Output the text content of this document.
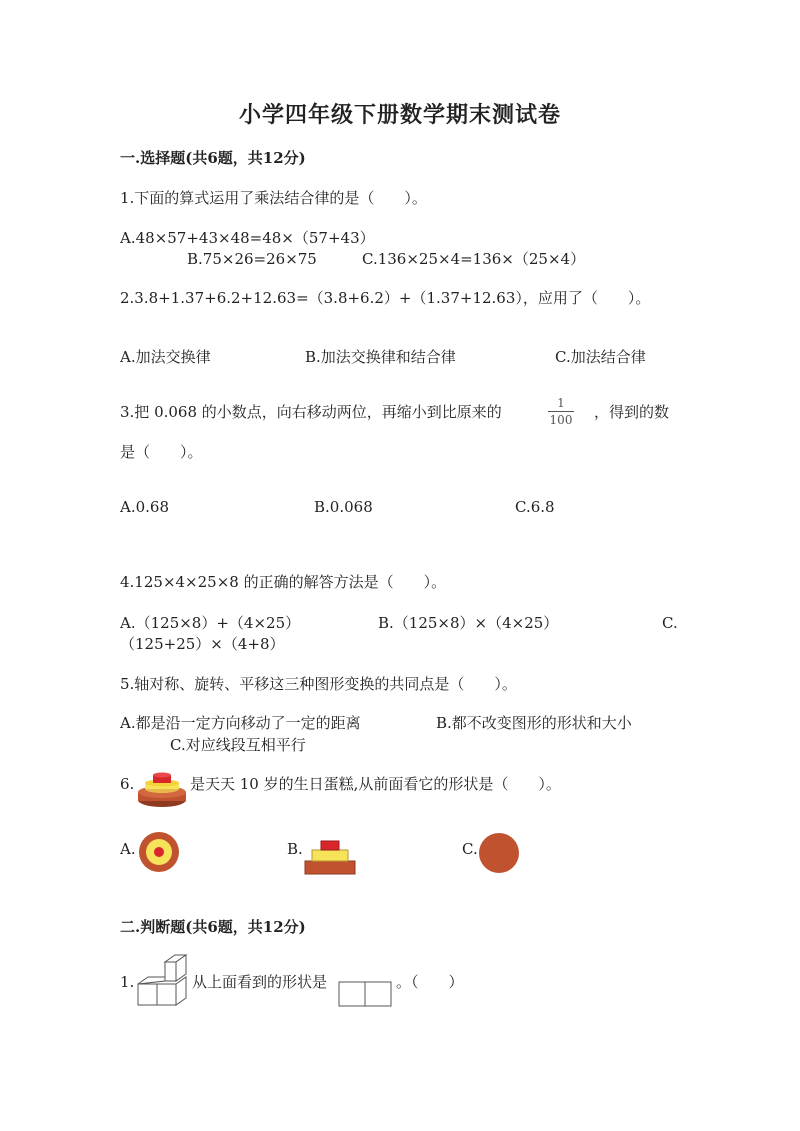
小学四年级下册数学期末测试卷
一.选择题(共6题，共12分)
1.下面的算式运用了乘法结合律的是（　　）。
A.48×57+43×48=48×（57+43）
B.75×26=26×75	C.136×25×4=136×（25×4）
2.3.8+1.37+6.2+12.63=（3.8+6.2）+（1.37+12.63），应用了（　　）。
A.加法交换律	B.加法交换律和结合律	C.加法结合律
3.把 0.068 的小数点，向右移动两位，再缩小到比原来的	1
100 ，得到的数
是（　　）。
A.0.68	B.0.068	C.6.8
4.125×4×25×8 的正确的解答方法是（　　）。
A.（125×8）+（4×25）	B.（125×8）×（4×25）	C.
（125+25）×（4+8）
5.轴对称、旋转、平移这三种图形变换的共同点是（　　）。
A.都是沿一定方向移动了一定的距离	B.都不改变图形的形状和大小
C.对应线段互相平行
6.	是天天 10 岁的生日蛋糕,从前面看它的形状是（　　）。
A.	B.	C.
二.判断题(共6题，共12分)
1.	从上面看到的形状是	。（　　）
